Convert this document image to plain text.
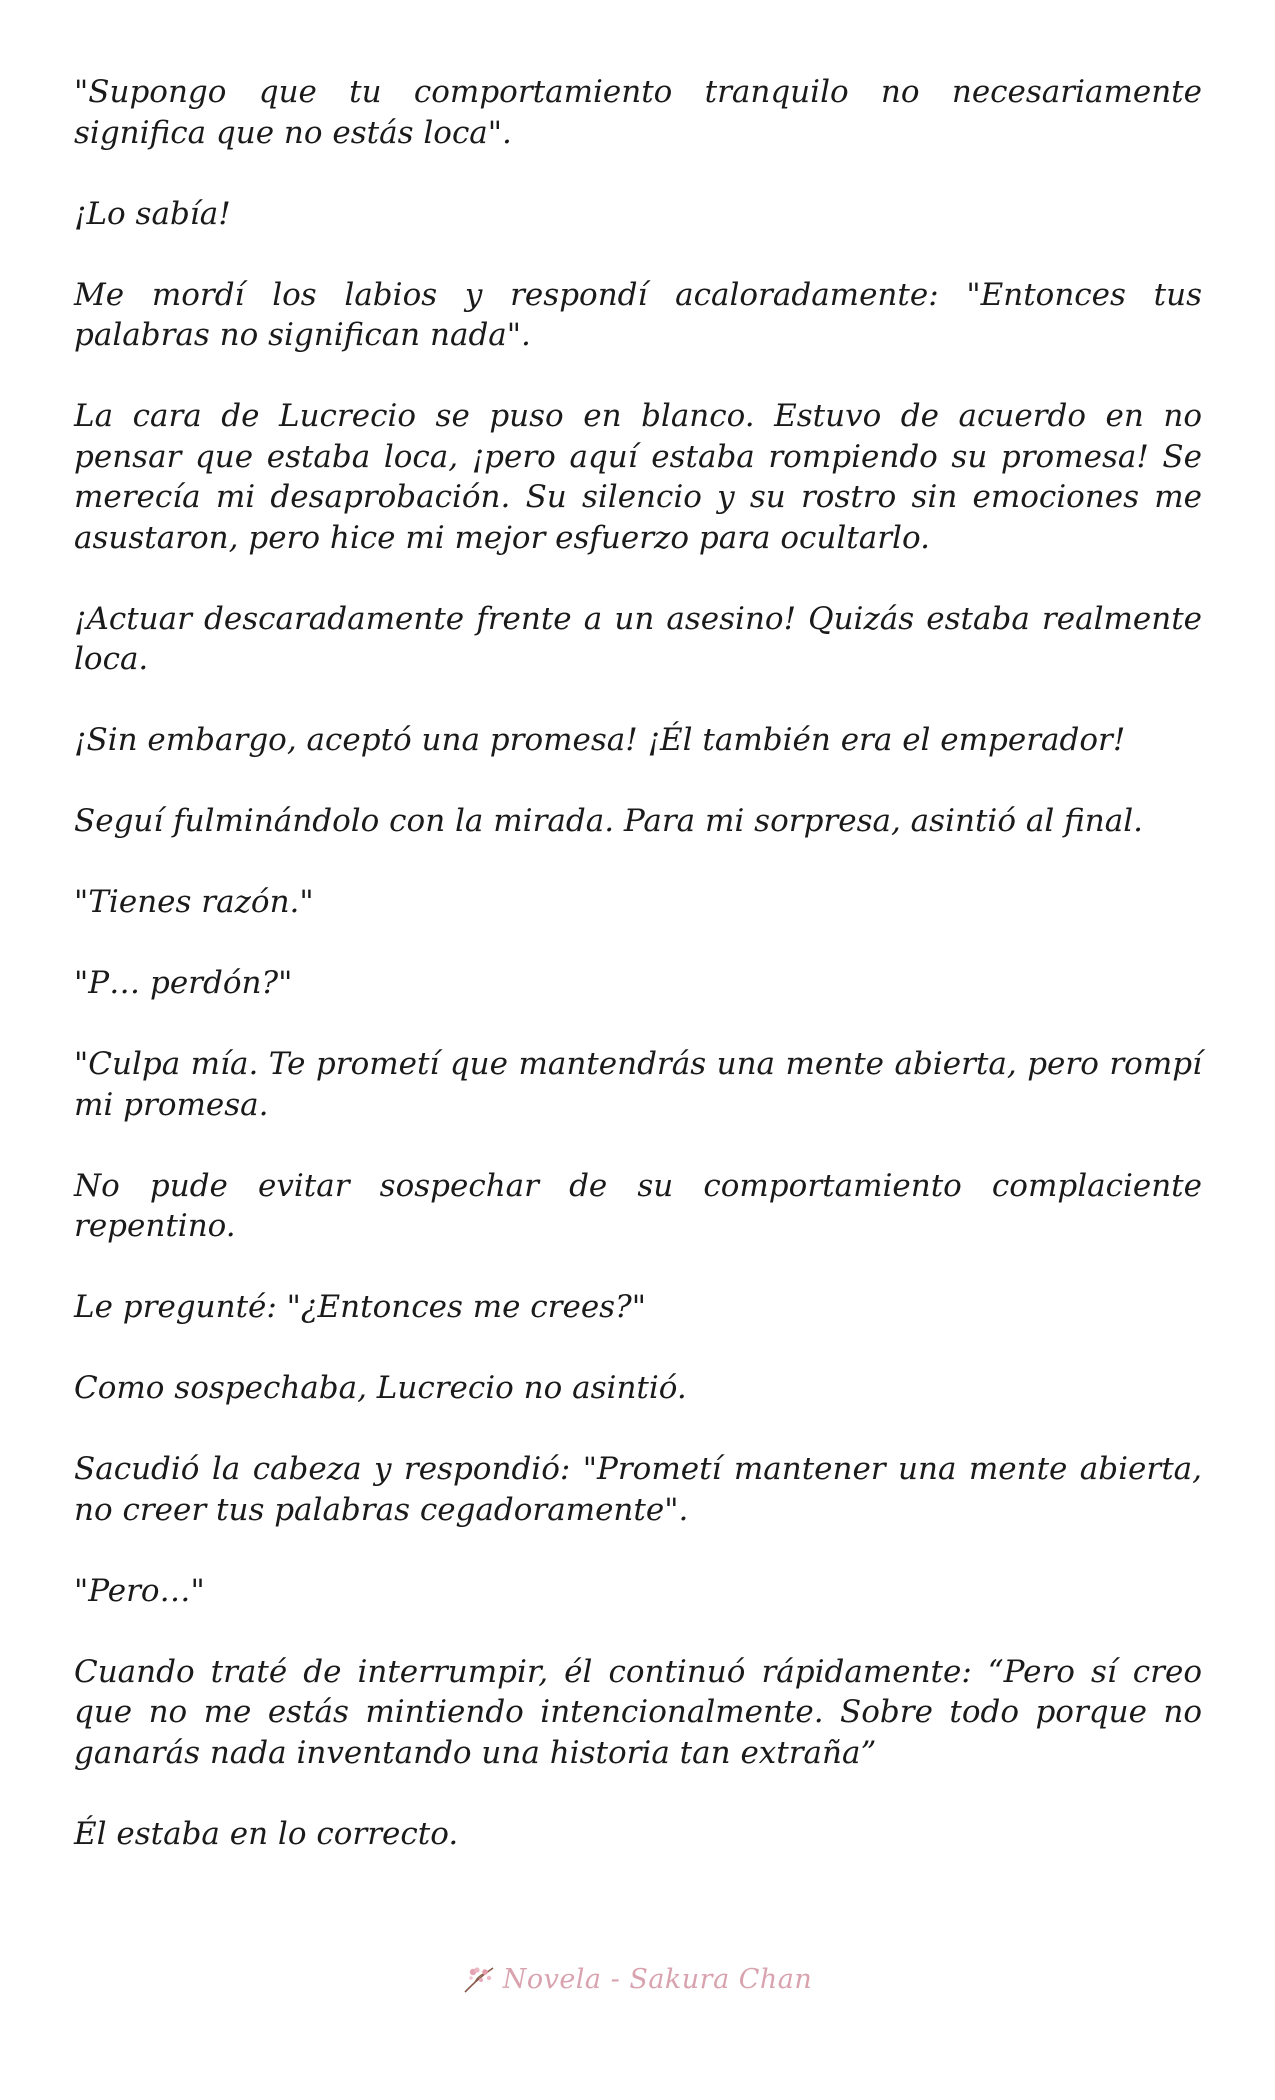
"Supongo que tu comportamiento tranquilo no necesariamente significa que no estás loca".

¡Lo sabía!

Me mordí los labios y respondí acaloradamente: "Entonces tus palabras no significan nada".

La cara de Lucrecio se puso en blanco. Estuvo de acuerdo en no pensar que estaba loca, ¡pero aquí estaba rompiendo su promesa! Se merecía mi desaprobación. Su silencio y su rostro sin emociones me asustaron, pero hice mi mejor esfuerzo para ocultarlo.

¡Actuar descaradamente frente a un asesino! Quizás estaba realmente loca.

¡Sin embargo, aceptó una promesa! ¡Él también era el emperador!

Seguí fulminándolo con la mirada. Para mi sorpresa, asintió al final.

"Tienes razón."

"P… perdón?"

"Culpa mía. Te prometí que mantendrás una mente abierta, pero rompí mi promesa.

No pude evitar sospechar de su comportamiento complaciente repentino.

Le pregunté: "¿Entonces me crees?"

Como sospechaba, Lucrecio no asintió.

Sacudió la cabeza y respondió: "Prometí mantener una mente abierta, no creer tus palabras cegadoramente".

"Pero…"

Cuando traté de interrumpir, él continuó rápidamente: “Pero sí creo que no me estás mintiendo intencionalmente. Sobre todo porque no ganarás nada inventando una historia tan extraña”

Él estaba en lo correcto.

Novela - Sakura Chan
